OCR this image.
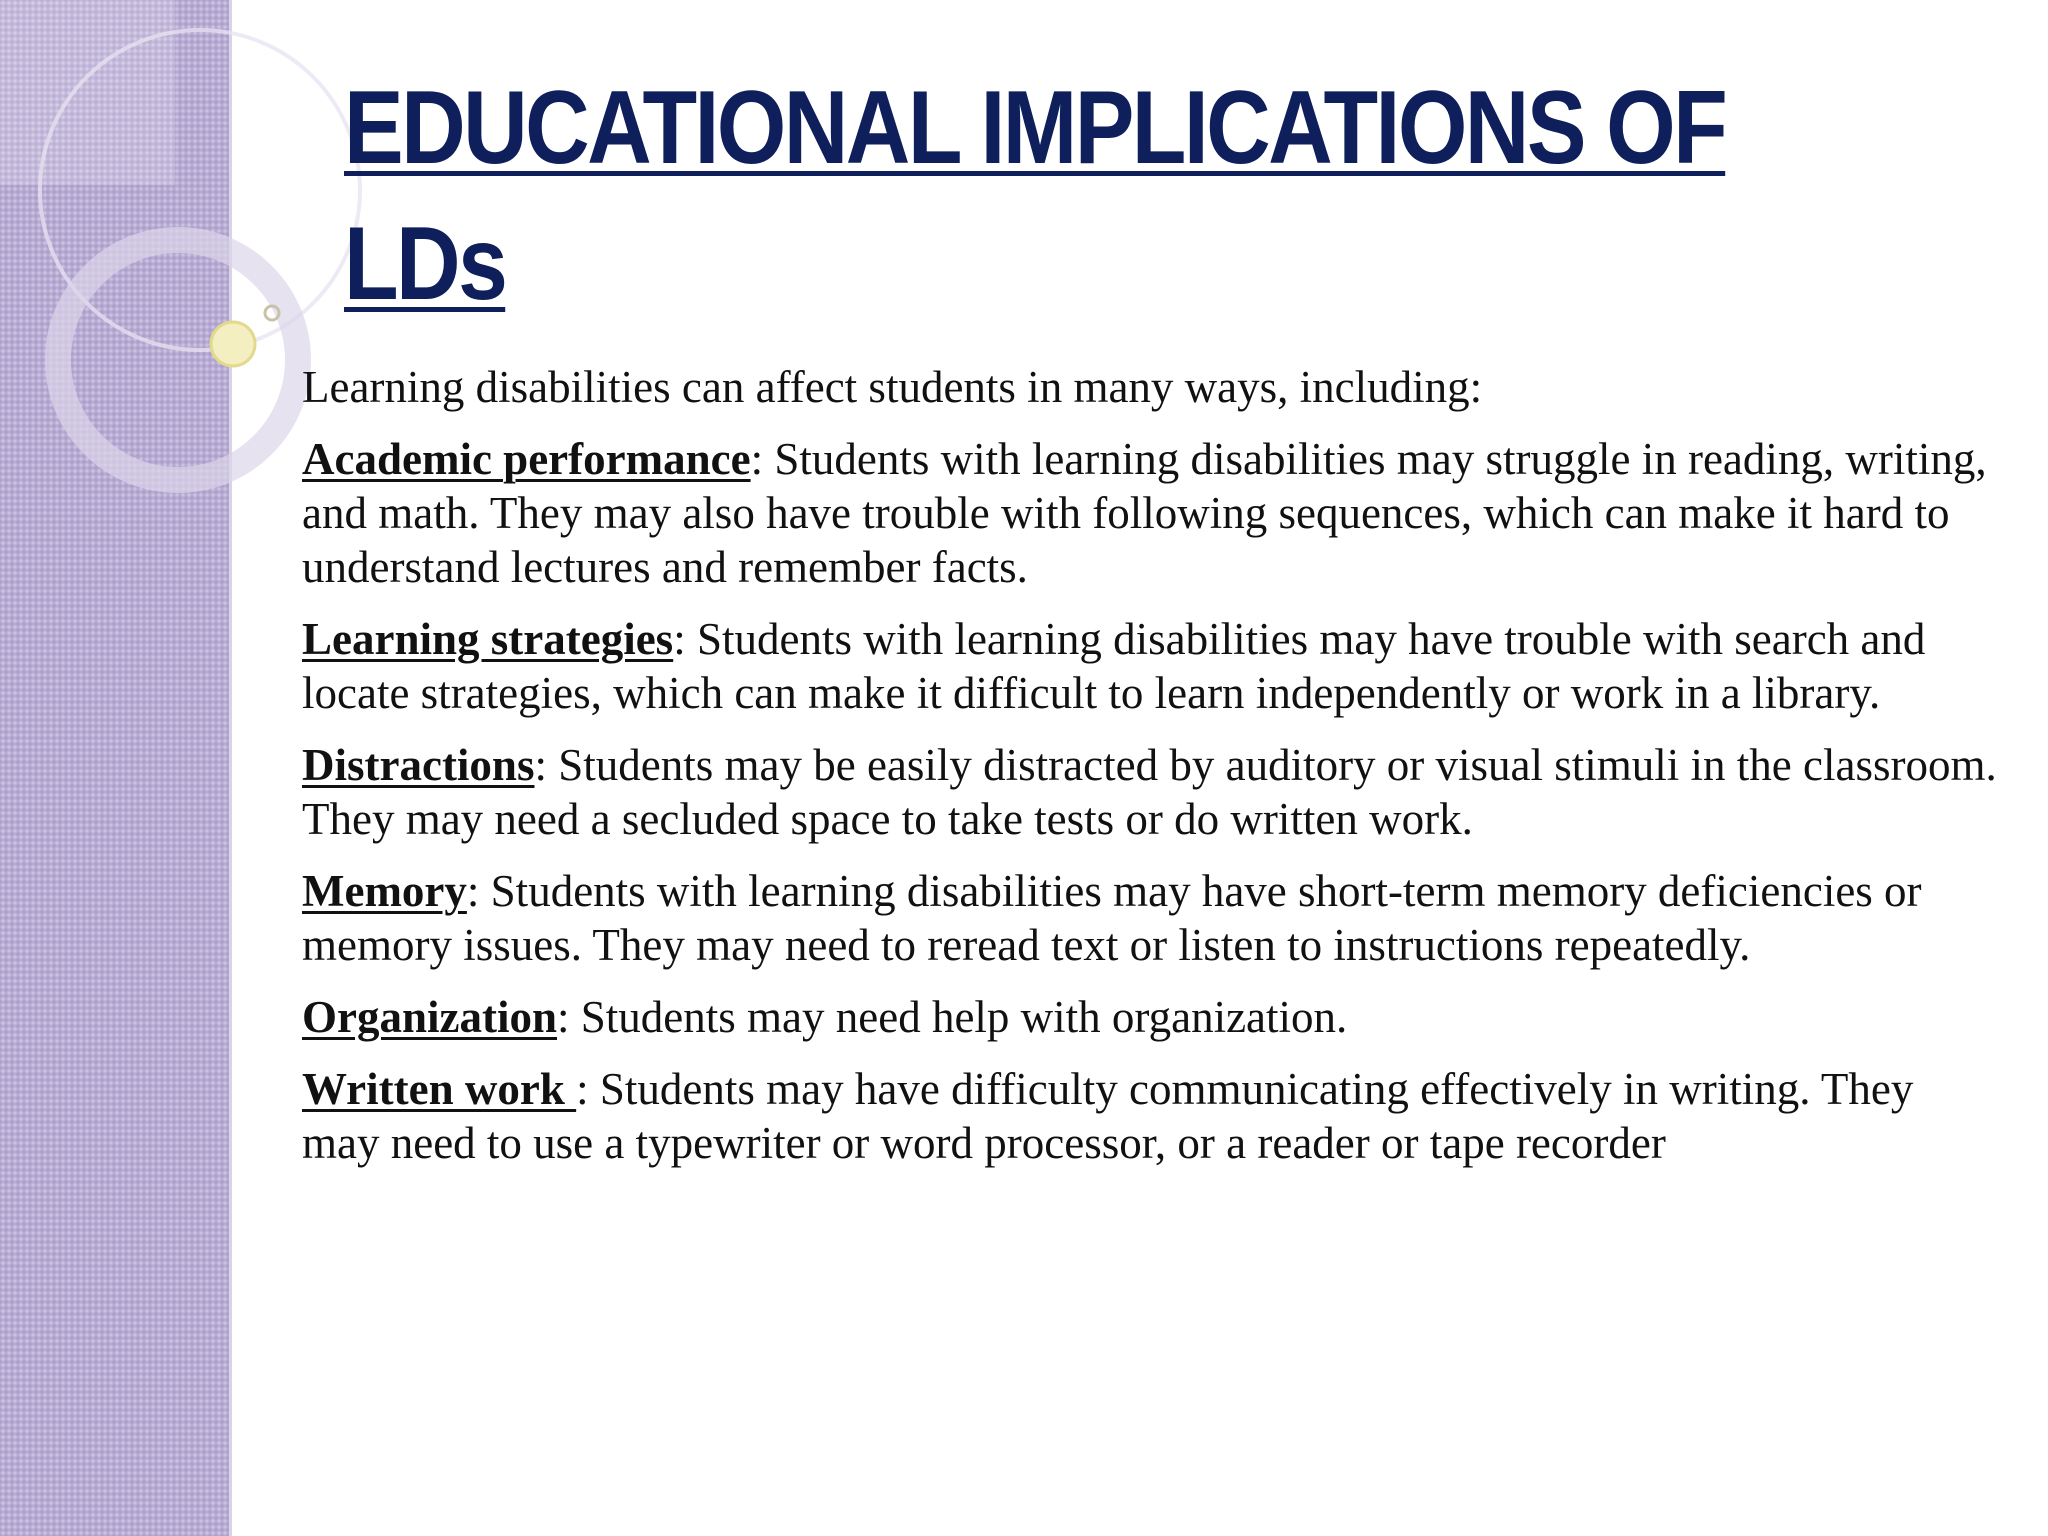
EDUCATIONAL IMPLICATIONS OF
LDs

Learning disabilities can affect students in many ways, including:

Academic performance: Students with learning disabilities may struggle in reading, writing, and math. They may also have trouble with following sequences, which can make it hard to understand lectures and remember facts.

Learning strategies: Students with learning disabilities may have trouble with search and locate strategies, which can make it difficult to learn independently or work in a library.

Distractions: Students may be easily distracted by auditory or visual stimuli in the classroom. They may need a secluded space to take tests or do written work.

Memory: Students with learning disabilities may have short-term memory deficiencies or memory issues. They may need to reread text or listen to instructions repeatedly.

Organization: Students may need help with organization.

Written work : Students may have difficulty communicating effectively in writing. They may need to use a typewriter or word processor, or a reader or tape recorder
